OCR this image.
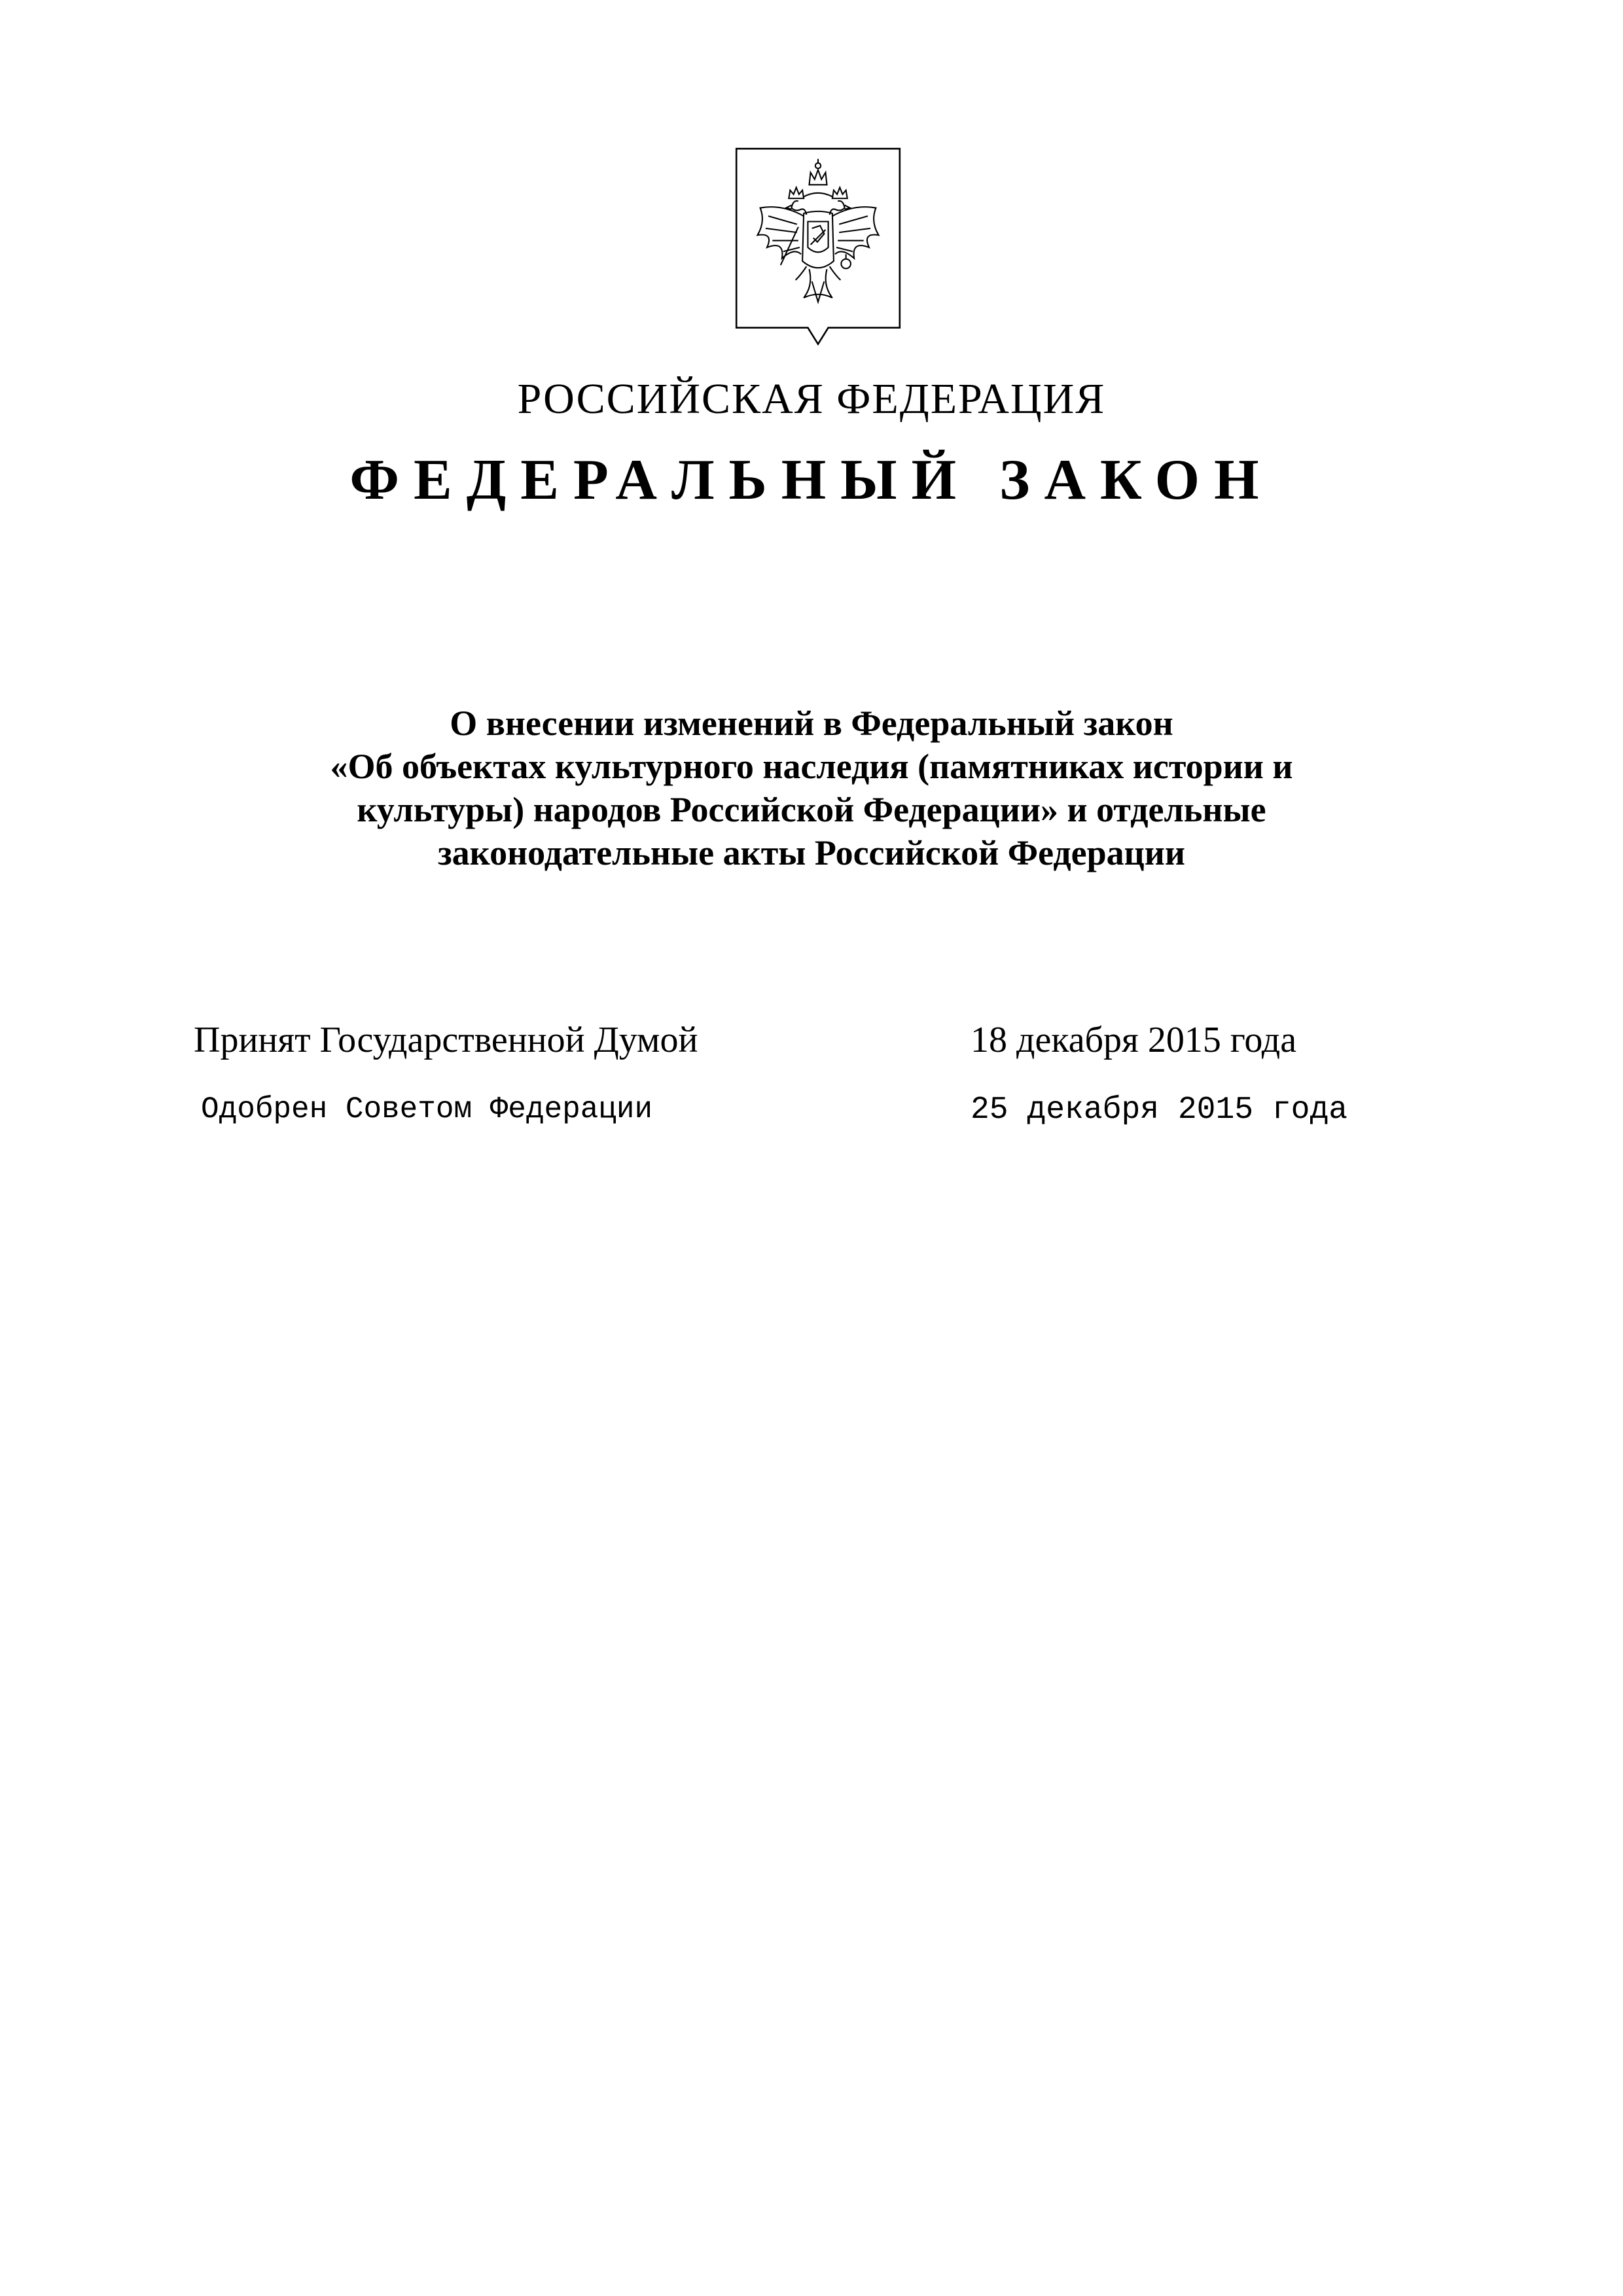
РОССИЙСКАЯ ФЕДЕРАЦИЯ
ФЕДЕРАЛЬНЫЙ ЗАКОН
О внесении изменений в Федеральный закон
«Об объектах культурного наследия (памятниках истории и
культуры) народов Российской Федерации» и отдельные
законодательные акты Российской Федерации
Принят Государственной Думой	18 декабря 2015 года
Одобрен Советом Федерации	25 декабря 2015 года
